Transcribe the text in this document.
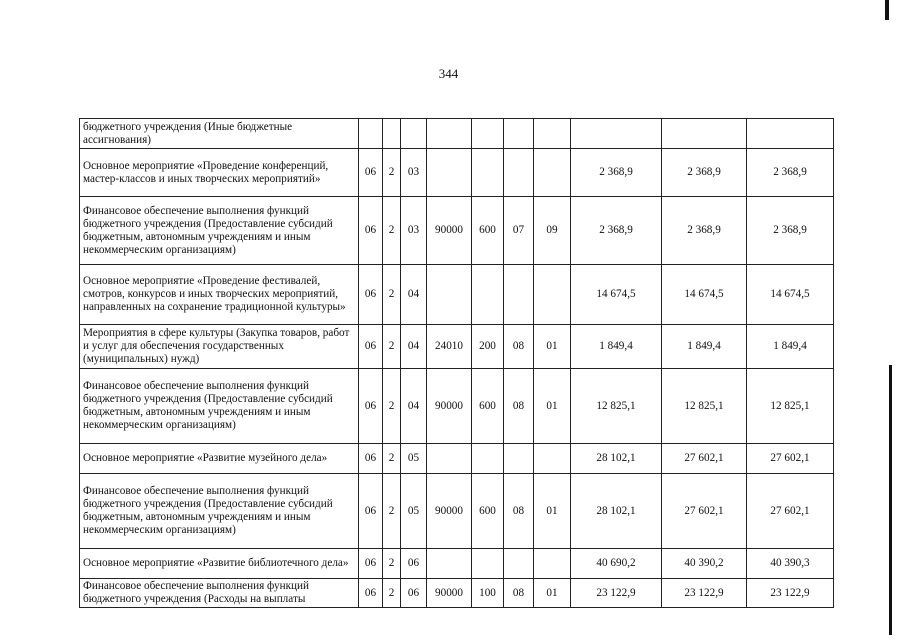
344
бюджетного учреждения (Иные бюджетные ассигнования)										
Основное мероприятие «Проведение конференций, мастер-классов и иных творческих мероприятий»	06	2	03					2 368,9	2 368,9	2 368,9
Финансовое обеспечение выполнения функций бюджетного учреждения (Предоставление субсидий бюджетным, автономным учреждениям и иным некоммерческим организациям)	06	2	03	90000	600	07	09	2 368,9	2 368,9	2 368,9
Основное мероприятие «Проведение фестивалей, смотров, конкурсов и иных творческих мероприятий, направленных на сохранение традиционной культуры»	06	2	04					14 674,5	14 674,5	14 674,5
Мероприятия в сфере культуры (Закупка товаров, работ и услуг для обеспечения государственных (муниципальных) нужд)	06	2	04	24010	200	08	01	1 849,4	1 849,4	1 849,4
Финансовое обеспечение выполнения функций бюджетного учреждения (Предоставление субсидий бюджетным, автономным учреждениям и иным некоммерческим организациям)	06	2	04	90000	600	08	01	12 825,1	12 825,1	12 825,1
Основное мероприятие «Развитие музейного дела»	06	2	05					28 102,1	27 602,1	27 602,1
Финансовое обеспечение выполнения функций бюджетного учреждения (Предоставление субсидий бюджетным, автономным учреждениям и иным некоммерческим организациям)	06	2	05	90000	600	08	01	28 102,1	27 602,1	27 602,1
Основное мероприятие «Развитие библиотечного дела»	06	2	06					40 690,2	40 390,2	40 390,3
Финансовое обеспечение выполнения функций бюджетного учреждения (Расходы на выплаты	06	2	06	90000	100	08	01	23 122,9	23 122,9	23 122,9
